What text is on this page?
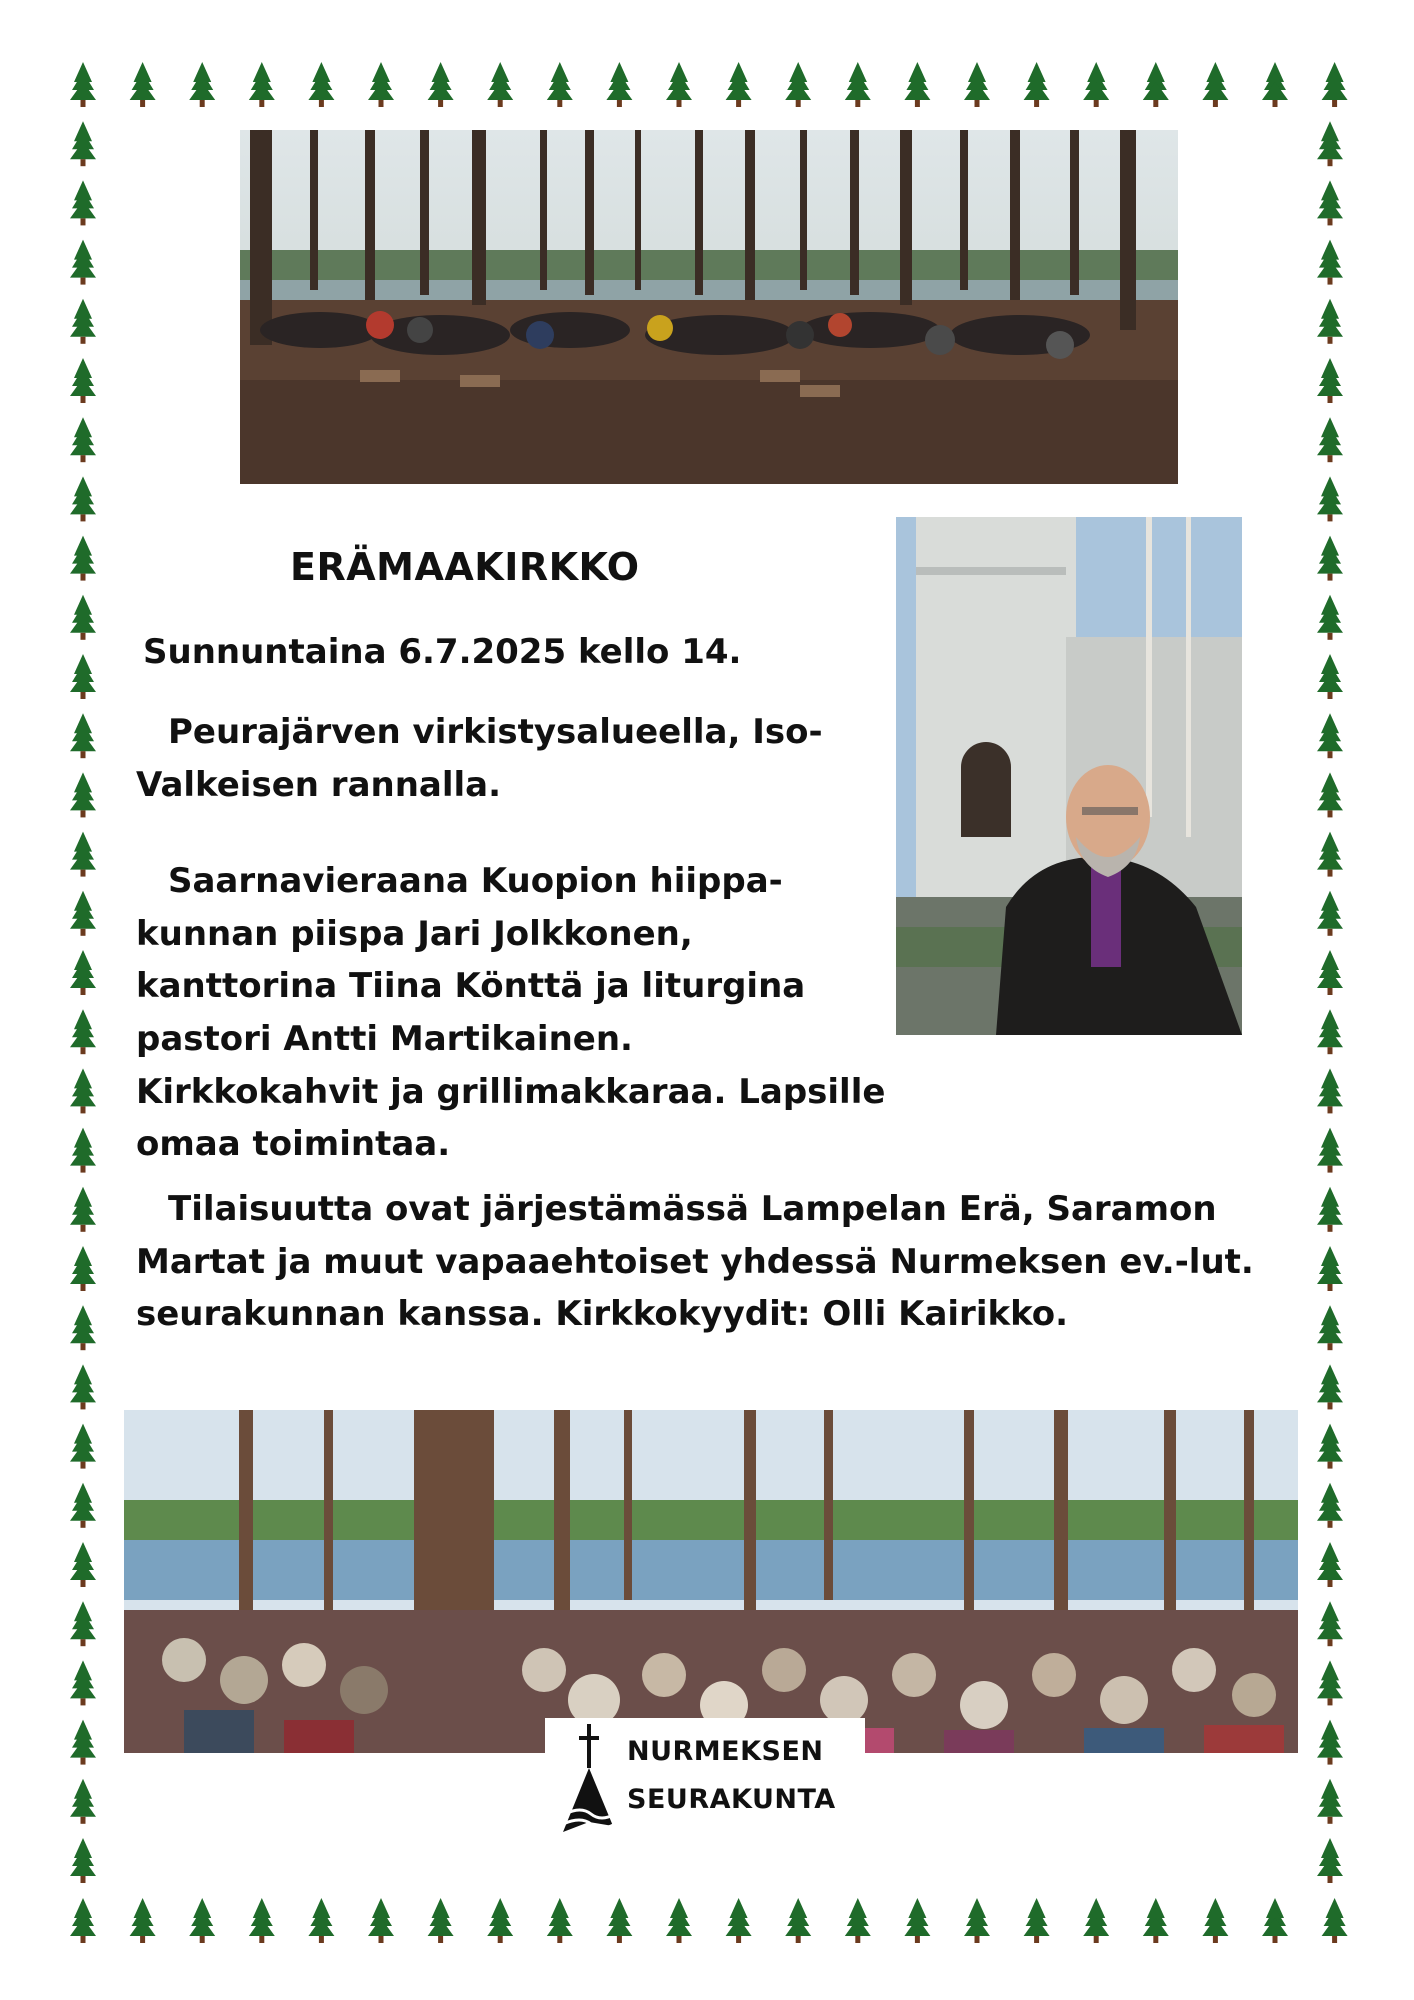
NURMEKSEN
SEURAKUNTA
ERÄMAAKIRKKO
Sunnuntaina 6.7.2025 kello 14.
Peurajärven virkistysalueella, Iso-
Valkeisen rannalla.
Saarnavieraana Kuopion hiippa-
kunnan piispa Jari Jolkkonen,
kanttorina Tiina Könttä ja liturgina
pastori Antti Martikainen.
Kirkkokahvit ja grillimakkaraa. Lapsille omaa toimintaa.
Tilaisuutta ovat järjestämässä Lampelan Erä, Saramon
Martat ja muut vapaaehtoiset yhdessä Nurmeksen ev.-lut.
seurakunnan kanssa. Kirkkokyydit: Olli Kairikko.
